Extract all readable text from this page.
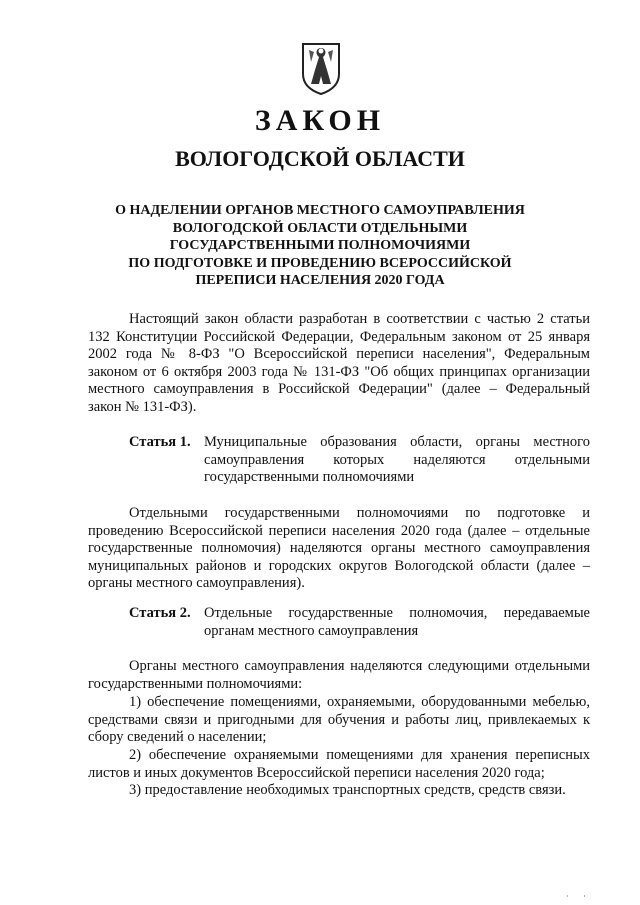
ЗАКОН
ВОЛОГОДСКОЙ ОБЛАСТИ
О НАДЕЛЕНИИ ОРГАНОВ МЕСТНОГО САМОУПРАВЛЕНИЯ
ВОЛОГОДСКОЙ ОБЛАСТИ ОТДЕЛЬНЫМИ
ГОСУДАРСТВЕННЫМИ ПОЛНОМОЧИЯМИ
ПО ПОДГОТОВКЕ И ПРОВЕДЕНИЮ ВСЕРОССИЙСКОЙ
ПЕРЕПИСИ НАСЕЛЕНИЯ 2020 ГОДА

Настоящий закон области разработан в соответствии с частью 2 статьи 132 Конституции Российской Федерации, Федеральным законом от 25 января 2002 года № 8-ФЗ "О Всероссийской переписи населения", Федеральным законом от 6 октября 2003 года № 131-ФЗ "Об общих принципах организации местного самоуправления в Российской Федерации" (далее – Федеральный закон № 131-ФЗ).

Статья 1. Муниципальные образования области, органы местного самоуправления которых наделяются отдельными государственными полномочиями

Отдельными государственными полномочиями по подготовке и проведению Всероссийской переписи населения 2020 года (далее – отдельные государственные полномочия) наделяются органы местного самоуправления муниципальных районов и городских округов Вологодской области (далее – органы местного самоуправления).

Статья 2. Отдельные государственные полномочия, передаваемые органам местного самоуправления

Органы местного самоуправления наделяются следующими отдельными государственными полномочиями:

1) обеспечение помещениями, охраняемыми, оборудованными мебелью, средствами связи и пригодными для обучения и работы лиц, привлекаемых к сбору сведений о населении;

2) обеспечение охраняемыми помещениями для хранения переписных листов и иных документов Всероссийской переписи населения 2020 года;

3) предоставление необходимых транспортных средств, средств связи.

· ·
